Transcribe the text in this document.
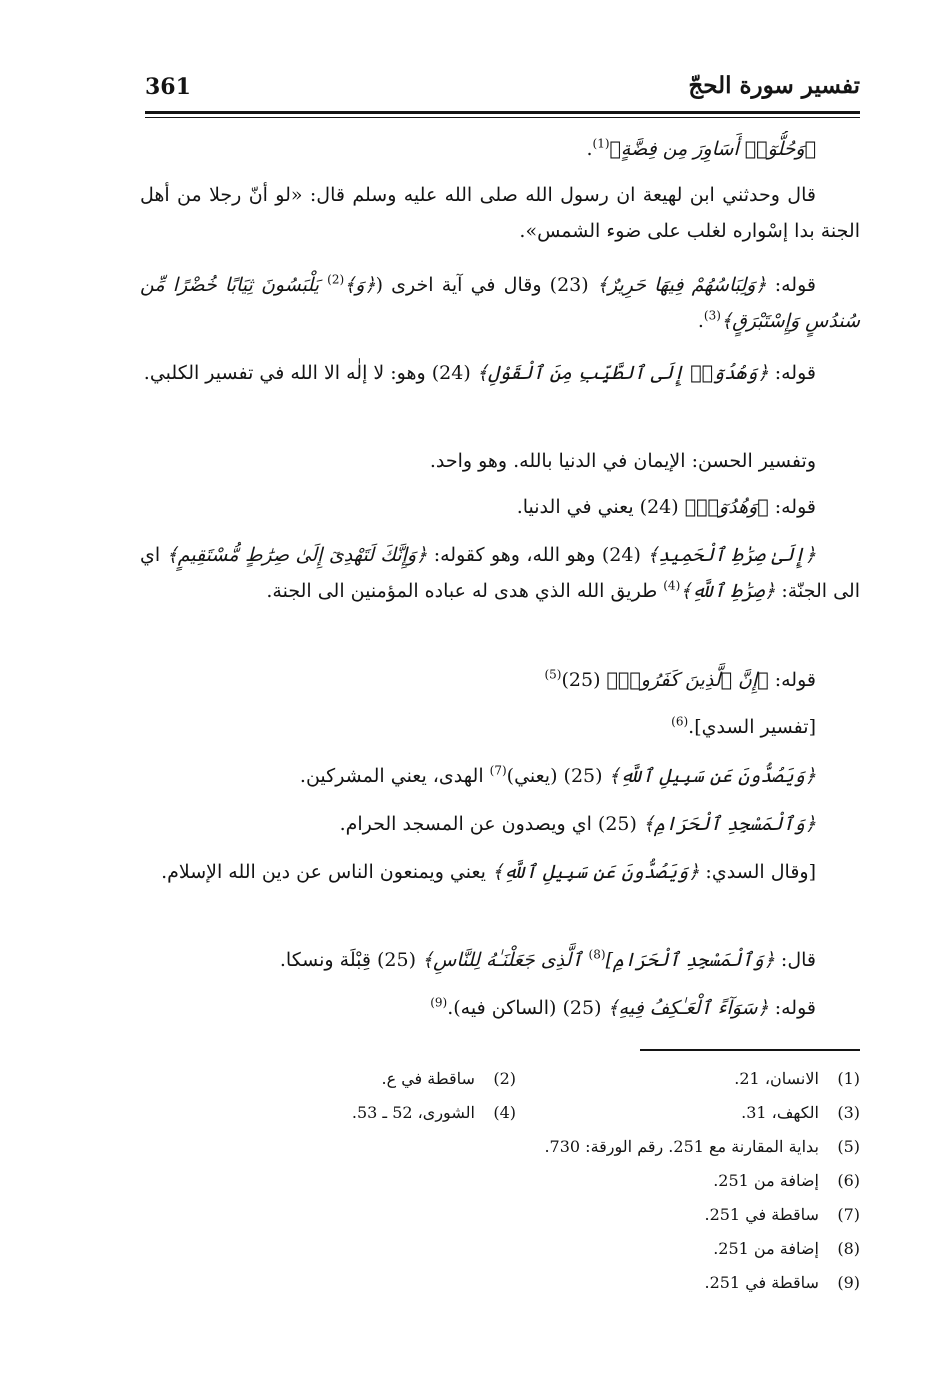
361	تفسير سورة الحجّ
﴿وَحُلُّوٓا۟ أَسَاوِرَ مِن فِضَّةٍ﴾$^{(1)}$.
قال وحدثني ابن لهيعة ان رسول الله صلى الله عليه وسلم قال: «لو أنّ رجلا من أهل الجنة بدا إسْواره لغلب على ضوء الشمس».
قوله: ﴿وَلِبَاسُهُمْ فِيهَا حَرِيرٌ﴾ (23) وقال في آية اخرى (﴿وَ﴾$^{(2)}$ يَلْبَسُونَ ثِيَابًا خُضْرًا مِّن سُندُسٍ وَإِسْتَبْرَقٍ﴾$^{(3)}$.
قوله: ﴿وَهُدُوٓا۟ إِلَى ٱلطَّيِّبِ مِنَ ٱلْقَوْلِ﴾ (24) وهو: لا إلٰه الا الله في تفسير الكلبي.
وتفسير الحسن: الإيمان في الدنيا بالله. وهو واحد.
قوله: ﴿وَهُدُوٓا۟﴾ (24) يعني في الدنيا.
﴿إِلَىٰ صِرَٰطِ ٱلْحَمِيدِ﴾ (24) وهو الله، وهو كقوله: ﴿وَإِنَّكَ لَتَهْدِىٓ إِلَىٰ صِرَٰطٍ مُّسْتَقِيمٍ﴾ اي الى الجنّة: ﴿صِرَٰطِ ٱللَّهِ﴾$^{(4)}$ طريق الله الذي هدى له عباده المؤمنين الى الجنة.
قوله: ﴿إِنَّ ٱلَّذِينَ كَفَرُوا۟﴾ $(25)^{(5)}$
[تفسير السدي].$^{(6)}$
﴿وَيَصُدُّونَ عَن سَبِيلِ ٱللَّهِ﴾ (25) (يعني)$^{(7)}$ الهدى، يعني المشركين.
﴿وَٱلْمَسْجِدِ ٱلْحَرَامِ﴾ (25) اي ويصدون عن المسجد الحرام.
[وقال السدي: ﴿وَيَصُدُّونَ عَن سَبِيلِ ٱللَّهِ﴾ يعني ويمنعون الناس عن دين الله الإسلام.
قال: ﴿وَٱلْمَسْجِدِ ٱلْحَرَامِ]$^{(8)}$ ٱلَّذِى جَعَلْنَـٰهُ لِلنَّاسِ﴾ (25) قِبْلَة ونسكا.
قوله: ﴿سَوَآءً ٱلْعَـٰكِفُ فِيهِ﴾ (25) (الساكن فيه).$^{(9)}$
(1) الانسان، 21.
(2) ساقطة في ع.
(3) الكهف، 31.
(4) الشورى، 52 ـ 53.
(5) بداية المقارنة مع 251. رقم الورقة: 730.
(6) إضافة من 251.
(7) ساقطة في 251.
(8) إضافة من 251.
(9) ساقطة في 251.
